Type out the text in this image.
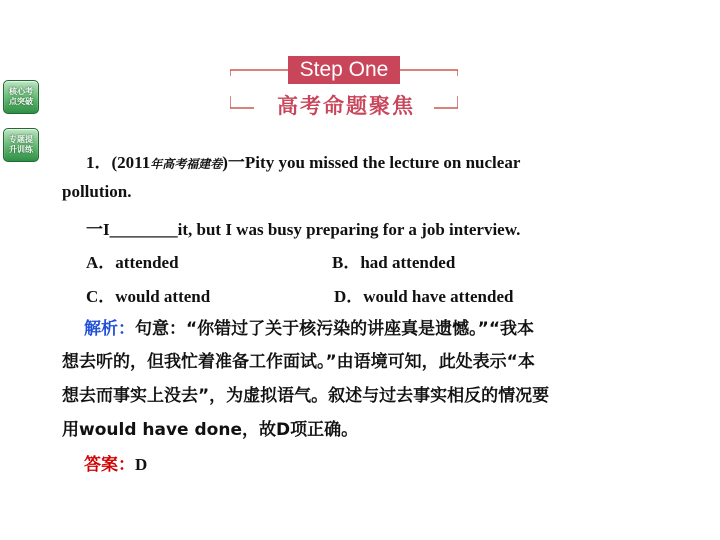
核心考
点突破
专题提
升训练
Step One
高考命题聚焦
1．(2011年高考福建卷)一Pity you missed the lecture on nuclear
pollution.
一I________it, but I was busy preparing for a job interview.
A．attended	B．had attended
C．would attend	D．would have attended
解析：句意：“你错过了关于核污染的讲座真是遗憾。”“我本
想去听的，但我忙着准备工作面试。”由语境可知，此处表示“本
想去而事实上没去”，为虚拟语气。叙述与过去事实相反的情况要
用would have done，故D项正确。
答案：D
